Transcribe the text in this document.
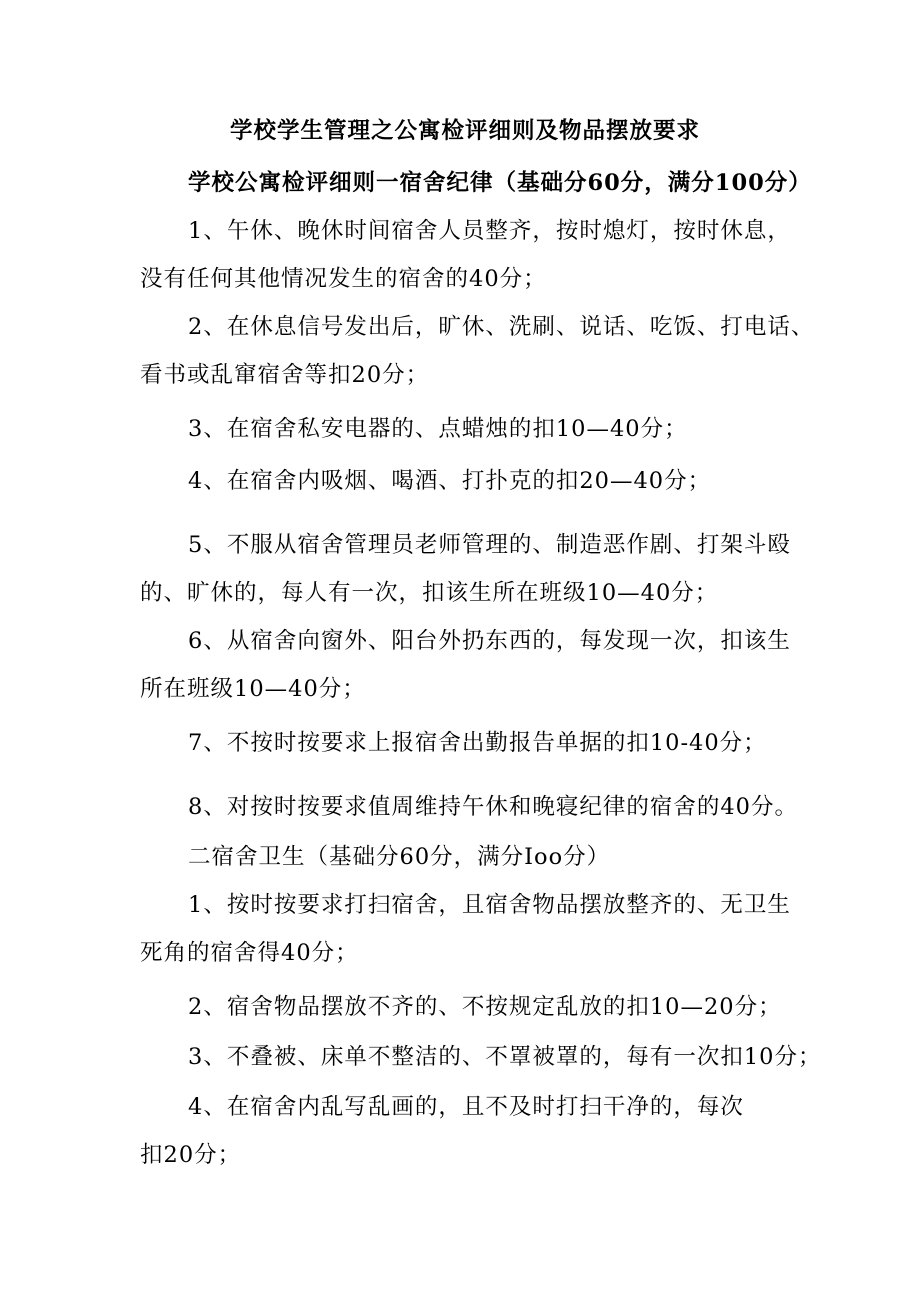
学校学生管理之公寓检评细则及物品摆放要求
学校公寓检评细则一宿舍纪律（基础分60分，满分100分）
1、午休、晚休时间宿舍人员整齐，按时熄灯，按时休息，
没有任何其他情况发生的宿舍的40分；
2、在休息信号发出后，旷休、洗刷、说话、吃饭、打电话、
看书或乱窜宿舍等扣20分；
3、在宿舍私安电器的、点蜡烛的扣10—40分；
4、在宿舍内吸烟、喝酒、打扑克的扣20—40分；
5、不服从宿舍管理员老师管理的、制造恶作剧、打架斗殴
的、旷休的，每人有一次，扣该生所在班级10—40分；
6、从宿舍向窗外、阳台外扔东西的，每发现一次，扣该生
所在班级10—40分；
7、不按时按要求上报宿舍出勤报告单据的扣10-40分；
8、对按时按要求值周维持午休和晚寝纪律的宿舍的40分。
二宿舍卫生（基础分60分，满分Ioo分）
1、按时按要求打扫宿舍，且宿舍物品摆放整齐的、无卫生
死角的宿舍得40分；
2、宿舍物品摆放不齐的、不按规定乱放的扣10—20分；
3、不叠被、床单不整洁的、不罩被罩的，每有一次扣10分；
4、在宿舍内乱写乱画的，且不及时打扫干净的，每次
扣20分；
